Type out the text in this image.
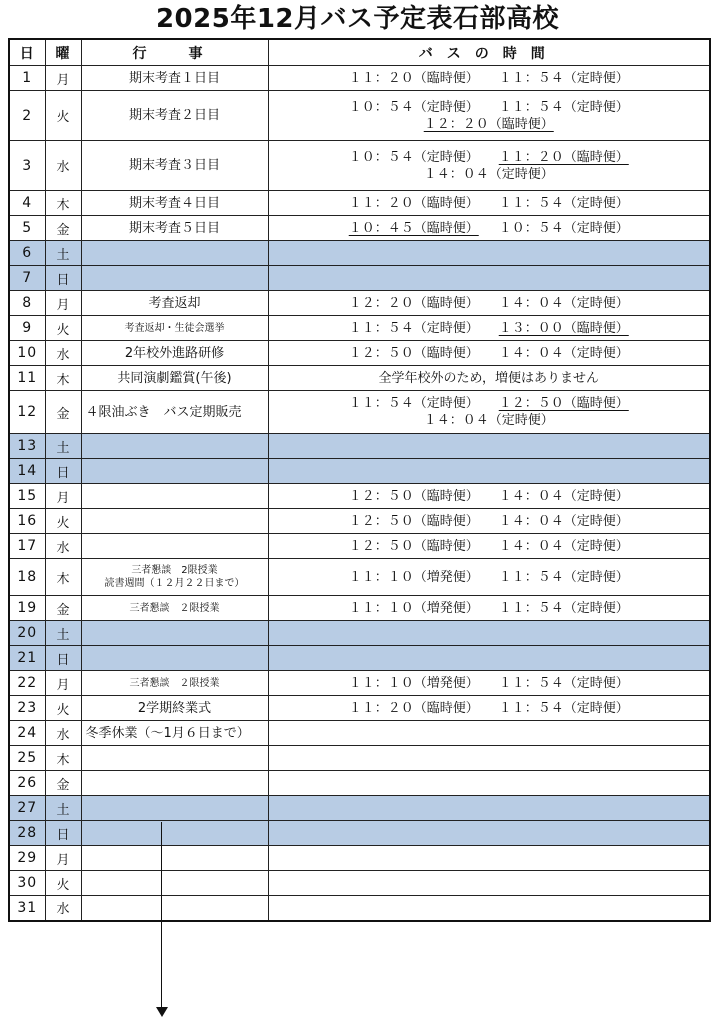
2025年12月バス予定表石部高校
日	曜	行　事	バスの時間
1	月	期末考査１日目	１１：２０（臨時便） １１：５４（定時便）

2	火	期末考査２日目	１０：５４（定時便） １１：５４（定時便）
１２：２０（臨時便）

3	水	期末考査３日目	１０：５４（定時便） １１：２０（臨時便）
１４：０４（定時便）

4	木	期末考査４日目	１１：２０（臨時便） １１：５４（定時便）

5	金	期末考査５日目	１０：４５（臨時便） １０：５４（定時便）

6	土		
7	日		
8	月	考査返却	１２：２０（臨時便） １４：０４（定時便）

9	火	考査返却・生徒会選挙	１１：５４（定時便） １３：００（臨時便）

10	水	2年校外進路研修	１２：５０（臨時便） １４：０４（定時便）

11	木	共同演劇鑑賞(午後)	全学年校外のため，増便はありません

12	金	４限油ぶき　バス定期販売	１１：５４（定時便） １２：５０（臨時便）
１４：０４（定時便）

13	土		
14	日		
15	月		１２：５０（臨時便） １４：０４（定時便）

16	火		１２：５０（臨時便） １４：０４（定時便）

17	水		１２：５０（臨時便） １４：０４（定時便）

18	木	三者懇談　2限授業
読書週間（１２月２２日まで）	１１：１０（増発便） １１：５４（定時便）

19	金	三者懇談　２限授業	１１：１０（増発便） １１：５４（定時便）

20	土		
21	日		
22	月	三者懇談　２限授業	１１：１０（増発便） １１：５４（定時便）

23	火	2学期終業式	１１：２０（臨時便） １１：５４（定時便）

24	水	冬季休業（～1月６日まで）	
25	木		
26	金		
27	土		
28	日		
29	月		
30	火		
31	水		
